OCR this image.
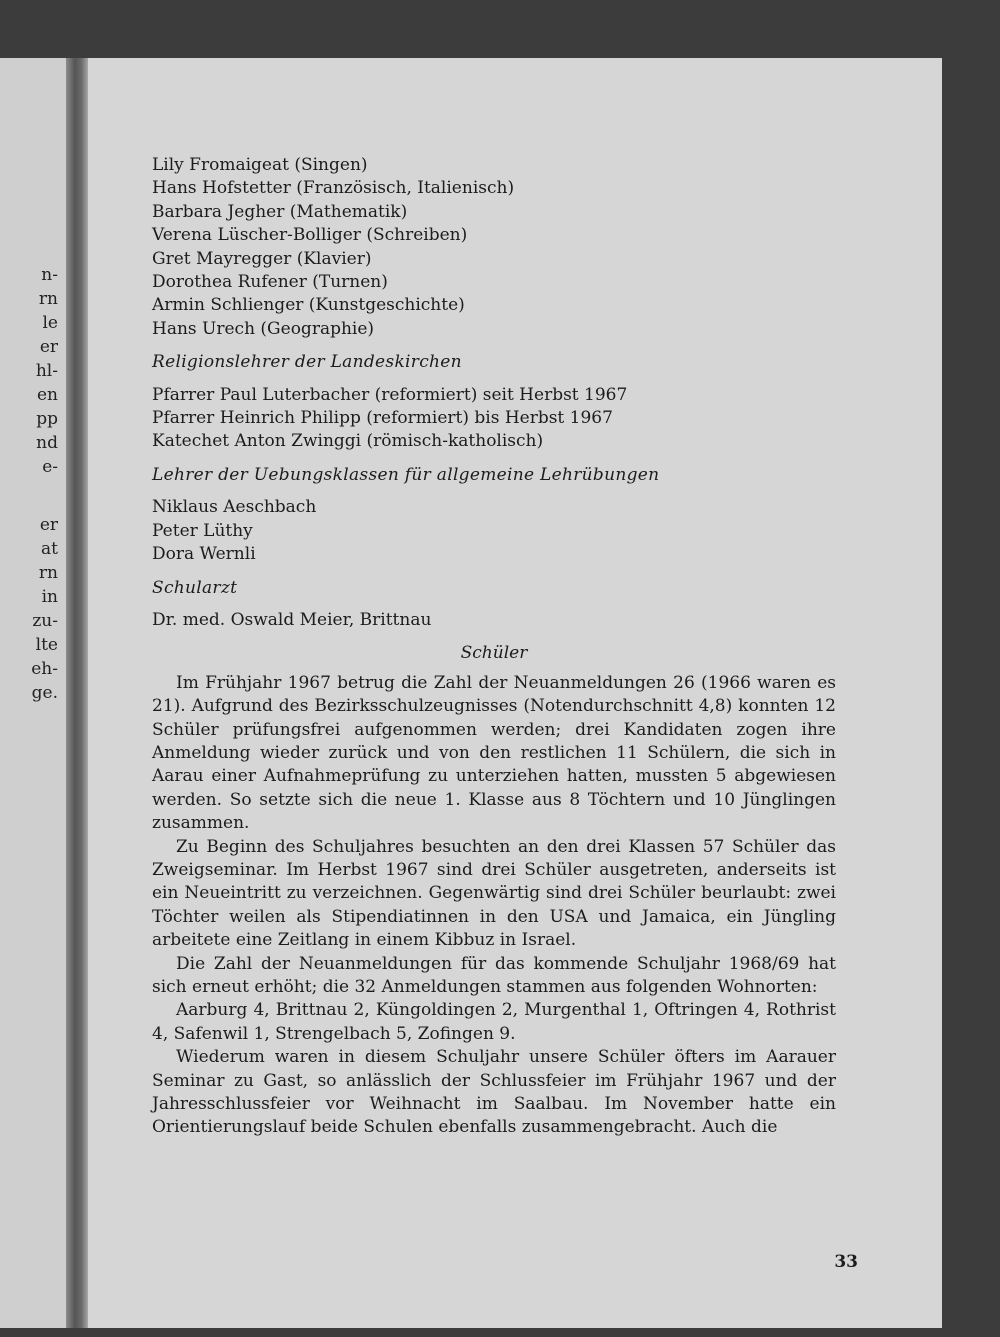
n-
rn
le
er
hl-
en
pp
nd
e-
er
at
rn
in
zu-
lte
eh-
ge.
Lily Fromaigeat (Singen)
Hans Hofstetter (Französisch, Italienisch)
Barbara Jegher (Mathematik)
Verena Lüscher-Bolliger (Schreiben)
Gret Mayregger (Klavier)
Dorothea Rufener (Turnen)
Armin Schlienger (Kunstgeschichte)
Hans Urech (Geographie)
Religionslehrer der Landeskirchen
Pfarrer Paul Luterbacher (reformiert) seit Herbst 1967
Pfarrer Heinrich Philipp (reformiert) bis Herbst 1967
Katechet Anton Zwinggi (römisch-katholisch)
Lehrer der Uebungsklassen für allgemeine Lehrübungen
Niklaus Aeschbach
Peter Lüthy
Dora Wernli
Schularzt
Dr. med. Oswald Meier, Brittnau
Schüler

Im Frühjahr 1967 betrug die Zahl der Neuanmeldungen 26 (1966 waren es 21). Aufgrund des Bezirksschulzeugnisses (Notendurchschnitt 4,8) konnten 12 Schüler prüfungsfrei aufgenommen werden; drei Kandidaten zogen ihre Anmeldung wieder zurück und von den restlichen 11 Schülern, die sich in Aarau einer Aufnahmeprüfung zu unterziehen hatten, mussten 5 abgewiesen werden. So setzte sich die neue 1. Klasse aus 8 Töchtern und 10 Jünglingen zusammen.

Zu Beginn des Schuljahres besuchten an den drei Klassen 57 Schüler das Zweigseminar. Im Herbst 1967 sind drei Schüler ausgetreten, anderseits ist ein Neueintritt zu verzeichnen. Gegenwärtig sind drei Schüler beurlaubt: zwei Töchter weilen als Stipendiatinnen in den USA und Jamaica, ein Jüngling arbeitete eine Zeitlang in einem Kibbuz in Israel.

Die Zahl der Neuanmeldungen für das kommende Schuljahr 1968/69 hat sich erneut erhöht; die 32 Anmeldungen stammen aus folgenden Wohnorten:

Aarburg 4, Brittnau 2, Küngoldingen 2, Murgenthal 1, Oftringen 4, Rothrist 4, Safenwil 1, Strengelbach 5, Zofingen 9.

Wiederum waren in diesem Schuljahr unsere Schüler öfters im Aarauer Seminar zu Gast, so anlässlich der Schlussfeier im Frühjahr 1967 und der Jahresschlussfeier vor Weihnacht im Saalbau. Im November hatte ein Orientierungslauf beide Schulen ebenfalls zusammengebracht. Auch die

33
